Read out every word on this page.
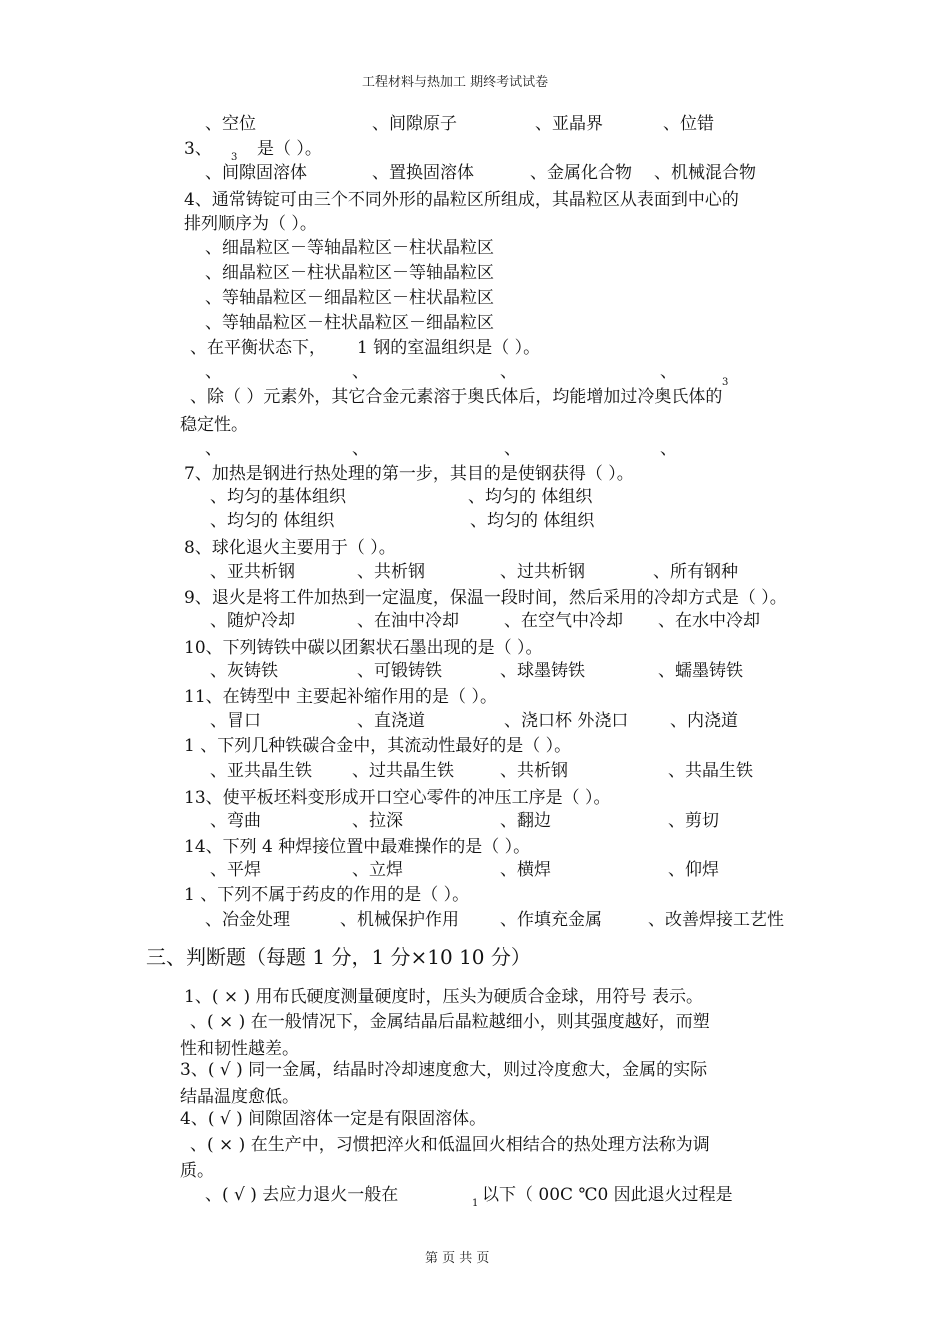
工程材料与热加工 期终考试试卷
、空位	、间隙原子	、亚晶界	、位错
3、 3 是（ ）。
、间隙固溶体	、置换固溶体	、金属化合物 、机械混合物
4、通常铸锭可由三个不同外形的晶粒区所组成，其晶粒区从表面到中心的
排列顺序为（ ）。
、细晶粒区－等轴晶粒区－柱状晶粒区
、细晶粒区－柱状晶粒区－等轴晶粒区
、等轴晶粒区－细晶粒区－柱状晶粒区
、等轴晶粒区－柱状晶粒区－细晶粒区
、在平衡状态下， 1 钢的室温组织是（ ）。
、	、	、	、
3
、除（ ）元素外，其它合金元素溶于奥氏体后，均能增加过冷奥氏体的
稳定性。
、	、	、	、
7、加热是钢进行热处理的第一步，其目的是使钢获得（ ）。
、均匀的基体组织	、均匀的 体组织
、均匀的 体组织	、均匀的 体组织
8、球化退火主要用于（ ）。
、亚共析钢	、共析钢	、过共析钢	、所有钢种
9、退火是将工件加热到一定温度，保温一段时间，然后采用的冷却方式是（ ）。
、随炉冷却	、在油中冷却	、在空气中冷却 、在水中冷却
10、下列铸铁中碳以团絮状石墨出现的是（ ）。
、灰铸铁	、可锻铸铁	、球墨铸铁	、蠕墨铸铁
11、在铸型中 主要起补缩作用的是（ ）。
、冒口	、直浇道	、浇口杯 外浇口 、内浇道
1 、下列几种铁碳合金中，其流动性最好的是（ ）。
、亚共晶生铁 、过共晶生铁	、共析钢	、共晶生铁
13、使平板坯料变形成开口空心零件的冲压工序是（ ）。
、弯曲	、拉深	、翻边	、剪切
14、下列 4 种焊接位置中最难操作的是（ ）。
、平焊	、立焊	、横焊	、仰焊
1 、下列不属于药皮的作用的是（ ）。
、冶金处理	、机械保护作用 、作填充金属	、改善焊接工艺性
三、判断题（每题 1 分，1 分×10 10 分）
1、( × ) 用布氏硬度测量硬度时，压头为硬质合金球，用符号 表示。
、( × ) 在一般情况下，金属结晶后晶粒越细小，则其强度越好，而塑
性和韧性越差。
3、( √ ) 同一金属，结晶时冷却速度愈大，则过冷度愈大，金属的实际
结晶温度愈低。
4、( √ ) 间隙固溶体一定是有限固溶体。
、( × ) 在生产中，习惯把淬火和低温回火相结合的热处理方法称为调
质。
、( √ ) 去应力退火一般在	1 以下（ 00C ℃0 因此退火过程是
第 页 共 页
